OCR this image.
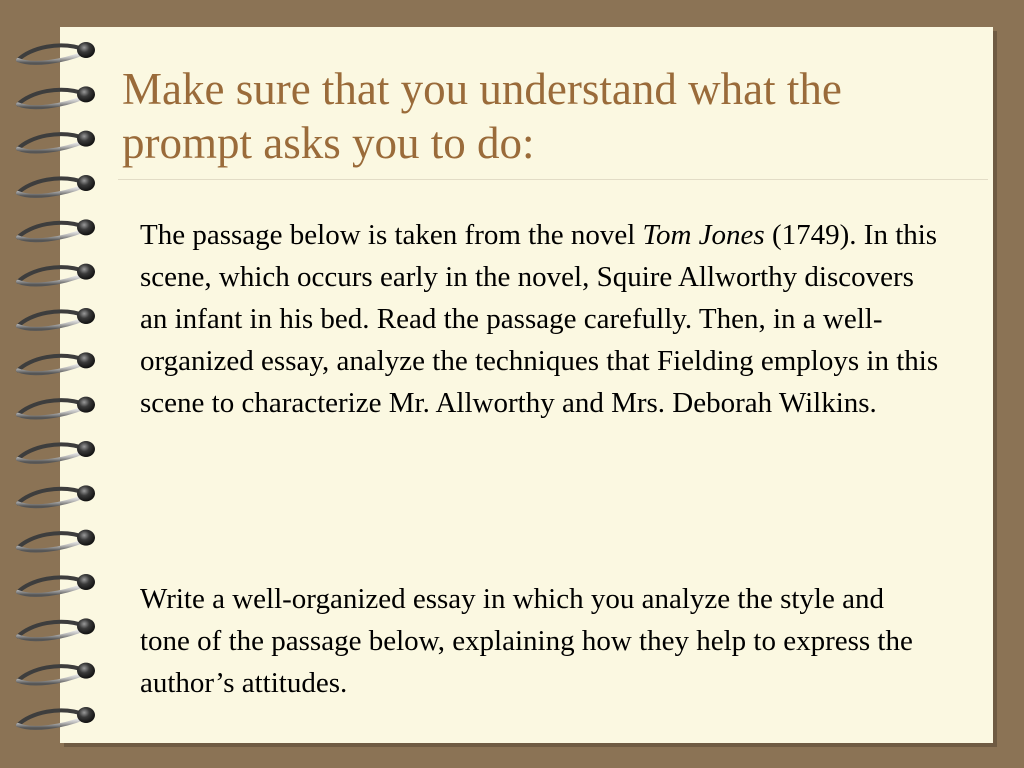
Make sure that you understand what the prompt asks you to do:

The passage below is taken from the novel Tom Jones (1749). In this scene, which occurs early in the novel, Squire Allworthy discovers an infant in his bed. Read the passage carefully. Then, in a well-organized essay, analyze the techniques that Fielding employs in this scene to characterize Mr. Allworthy and Mrs. Deborah Wilkins.

Write a well-organized essay in which you analyze the style and tone of the passage below, explaining how they help to express the author’s attitudes.
